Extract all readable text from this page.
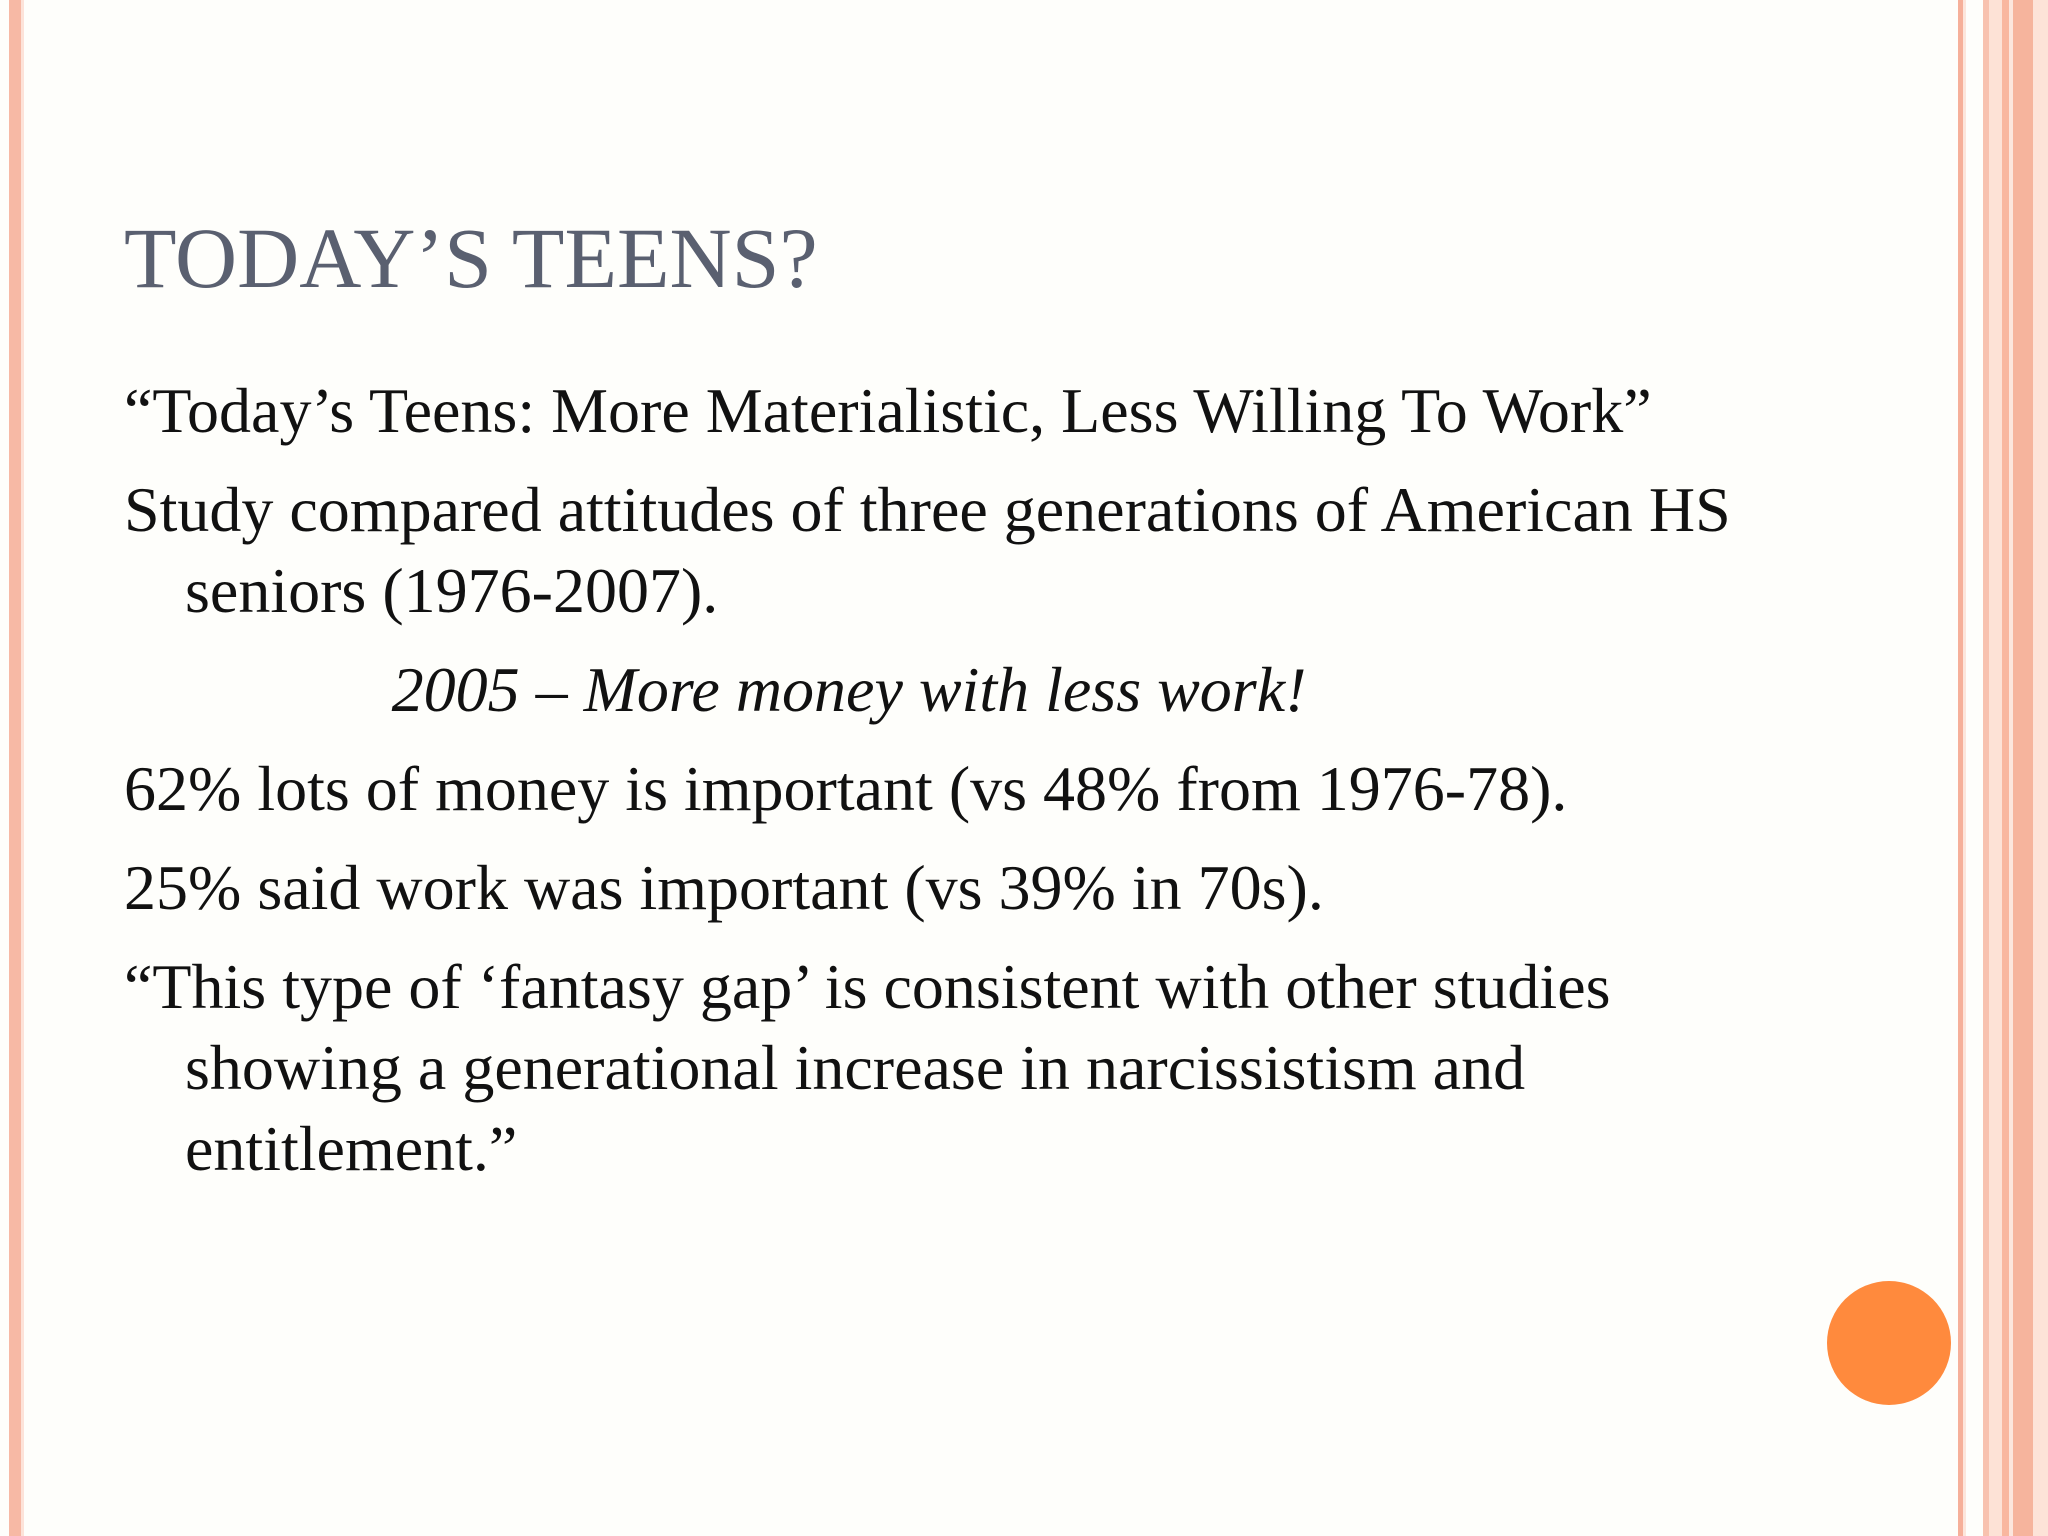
TODAY’S TEENS?
“Today’s Teens: More Materialistic, Less Willing To Work”
Study compared attitudes of three generations of American HS seniors (1976-2007).
2005 – More money with less work!
62% lots of money is important (vs 48% from 1976-78).
25% said work was important (vs 39% in 70s).
“This type of ‘fantasy gap’ is consistent with other studies showing a generational increase in narcissistism and entitlement.”
